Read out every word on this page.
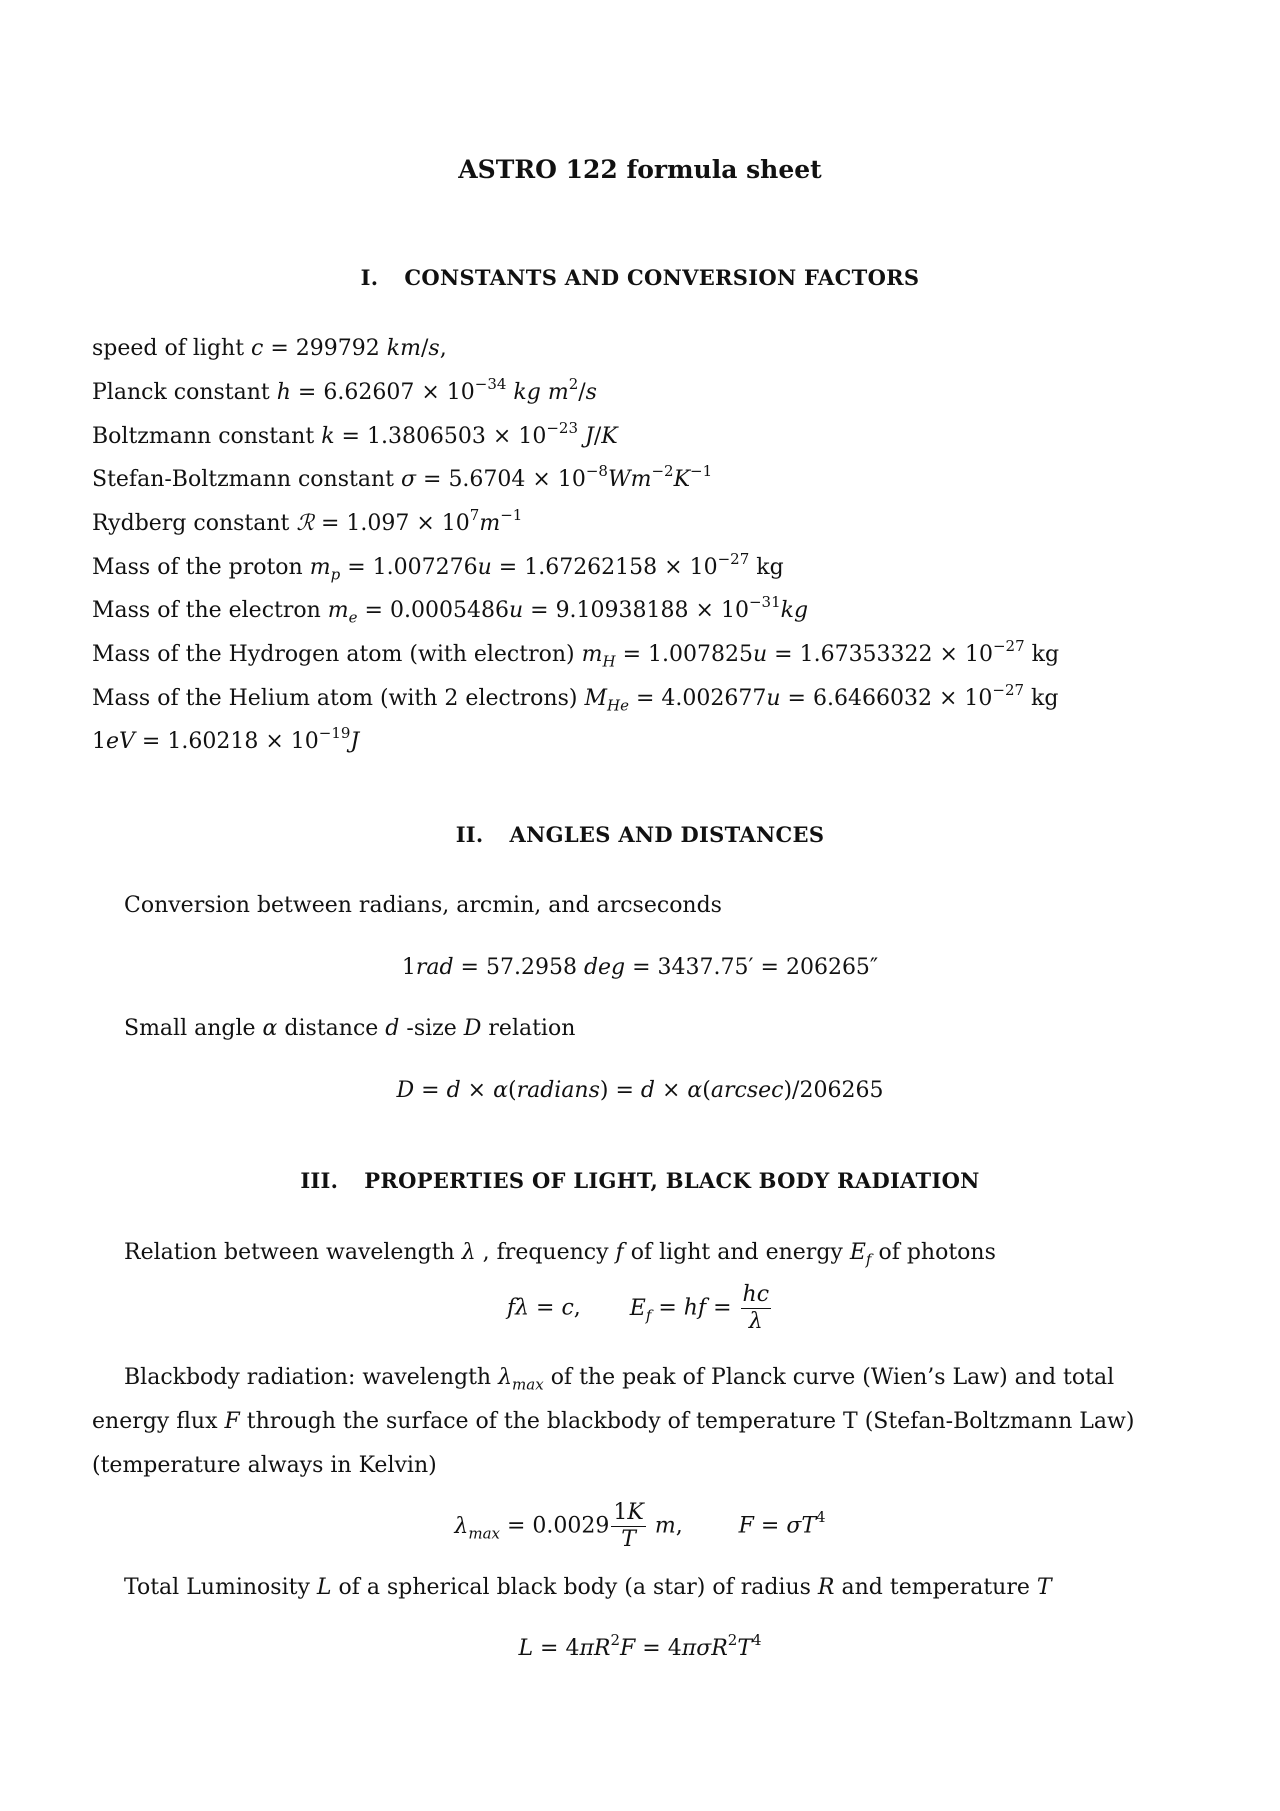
ASTRO 122 formula sheet
I. CONSTANTS AND CONVERSION FACTORS
speed of light c = 299792 km/s,
Planck constant $h = 6.62607 \times 10^{-34}$ kg $m^2/s$
Boltzmann constant $k = 1.3806503 \times 10^{-23}$ J/K
Stefan-Boltzmann constant $\sigma = 5.6704 \times 10^{-8}Wm^{-2}K^{-1}$
Rydberg constant ℛ = $1.097 \times 10^7m^{-1}$
Mass of the proton $m_p = 1.007276u = 1.67262158 \times 10^{-27}$ kg
Mass of the electron $m_e = 0.0005486u = 9.10938188 \times 10^{-31}kg$
Mass of the Hydrogen atom (with electron) $m_H = 1.007825u = 1.67353322 \times 10^{-27}$ kg
Mass of the Helium atom (with 2 electrons) $M_{He} = 4.002677u = 6.6466032 \times 10^{-27}$ kg
$1eV = 1.60218 \times 10^{-19}J$
II. ANGLES AND DISTANCES
Conversion between radians, arcmin, and arcseconds
1rad = 57.2958 deg = 3437.75′ = 206265″
Small angle α distance d -size D relation
D = d × α(radians) = d × α(arcsec)/206265
III. PROPERTIES OF LIGHT, BLACK BODY RADIATION
Relation between wavelength λ , frequency f of light and energy $E_f$ of photons
fλ = c,       $E_f$ = hf = $\frac{hc}{\lambda}$
Blackbody radiation: wavelength $\lambda_{max}$ of the peak of Planck curve (Wien’s Law) and total energy flux F through the surface of the blackbody of temperature T (Stefan-Boltzmann Law) (temperature always in Kelvin)
$\lambda_{max} = 0.0029 \frac{1K}{T} m$,        $F = \sigma T^4$
Total Luminosity L of a spherical black body (a star) of radius R and temperature T
$L = 4\pi R^2F = 4\pi\sigma R^2T^4$
